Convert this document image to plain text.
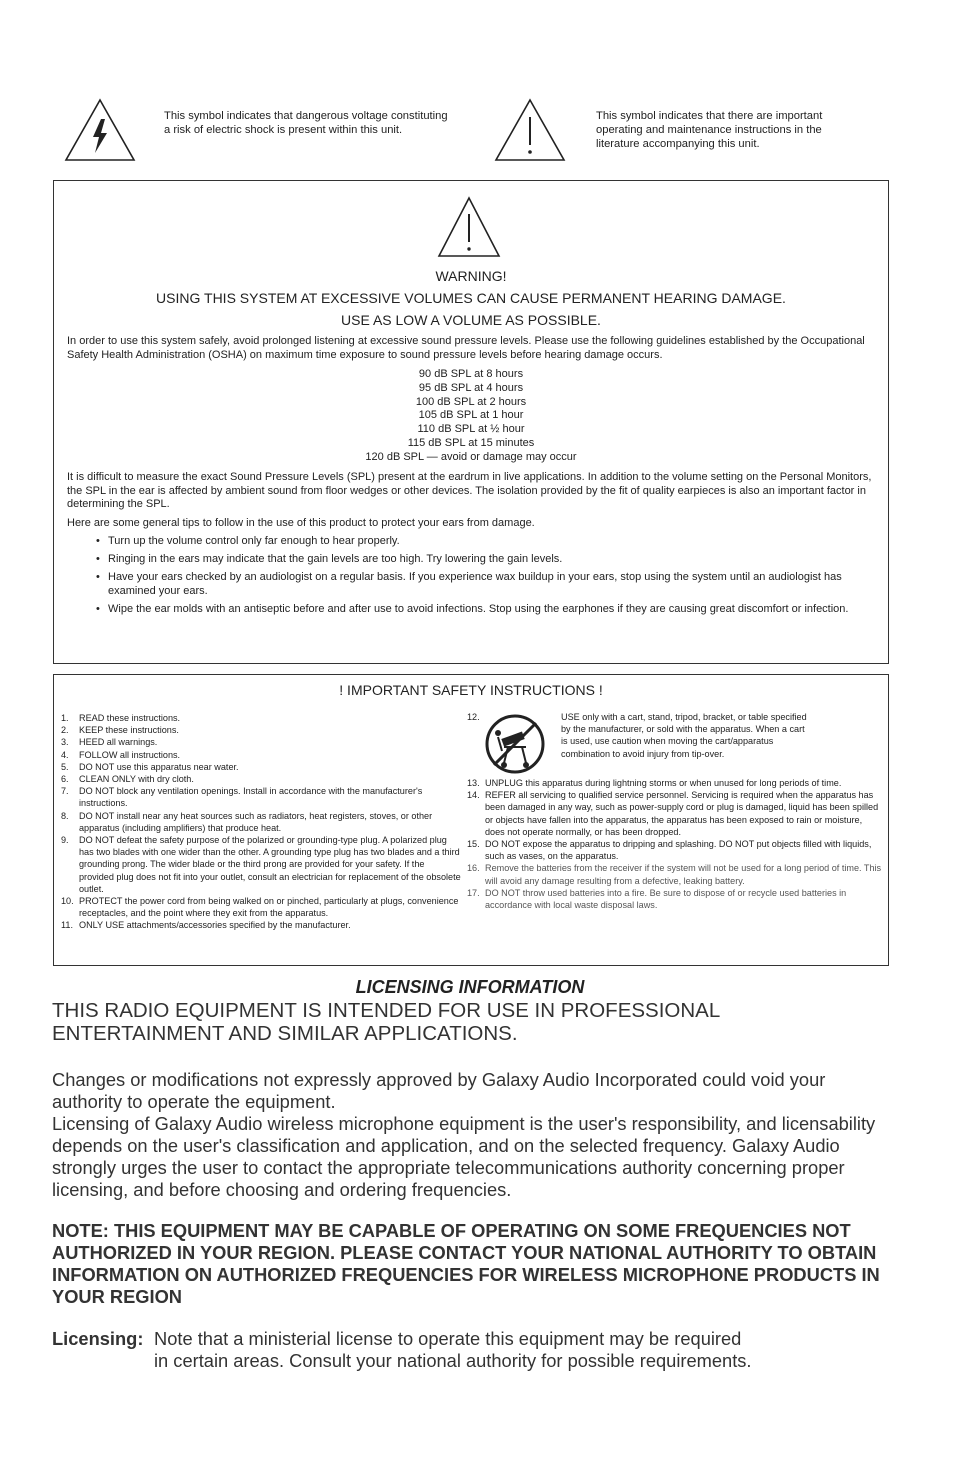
This symbol indicates that dangerous voltage constituting a risk of electric shock is present within this unit.
This symbol indicates that there are important operating and maintenance instructions in the literature accompanying this unit.
WARNING!
USING THIS SYSTEM AT EXCESSIVE VOLUMES CAN CAUSE PERMANENT HEARING DAMAGE.
USE AS LOW A VOLUME AS POSSIBLE.
In order to use this system safely, avoid prolonged listening at excessive sound pressure levels. Please use the following guidelines established by the Occupational Safety Health Administration (OSHA) on maximum time exposure to sound pressure levels before hearing damage occurs.
90 dB SPL at 8 hours
95 dB SPL at 4 hours
100 dB SPL at 2 hours
105 dB SPL at 1 hour
110 dB SPL at ½ hour
115 dB SPL at 15 minutes
120 dB SPL — avoid or damage may occur
It is difficult to measure the exact Sound Pressure Levels (SPL) present at the eardrum in live applications. In addition to the volume setting on the Personal Monitors, the SPL in the ear is affected by ambient sound from floor wedges or other devices. The isolation provided by the fit of quality earpieces is also an important factor in determining the SPL.
Here are some general tips to follow in the use of this product to protect your ears from damage.
• Turn up the volume control only far enough to hear properly.
• Ringing in the ears may indicate that the gain levels are too high. Try lowering the gain levels.
• Have your ears checked by an audiologist on a regular basis. If you experience wax buildup in your ears, stop using the system until an audiologist has examined your ears.
• Wipe the ear molds with an antiseptic before and after use to avoid infections. Stop using the earphones if they are causing great discomfort or infection.
! IMPORTANT SAFETY INSTRUCTIONS !
1. READ these instructions.
2. KEEP these instructions.
3. HEED all warnings.
4. FOLLOW all instructions.
5. DO NOT use this apparatus near water.
6. CLEAN ONLY with dry cloth.
7. DO NOT block any ventilation openings. Install in accordance with the manufacturer's instructions.
8. DO NOT install near any heat sources such as radiators, heat registers, stoves, or other apparatus (including amplifiers) that produce heat.
9. DO NOT defeat the safety purpose of the polarized or grounding-type plug. A polarized plug has two blades with one wider than the other. A grounding type plug has two blades and a third grounding prong. The wider blade or the third prong are provided for your safety. If the provided plug does not fit into your outlet, consult an electrician for replacement of the obsolete outlet.
10. PROTECT the power cord from being walked on or pinched, particularly at plugs, convenience receptacles, and the point where they exit from the apparatus.
11. ONLY USE attachments/accessories specified by the manufacturer.
12.	USE only with a cart, stand, tripod, bracket, or table specified by the manufacturer, or sold with the apparatus. When a cart is used, use caution when moving the cart/apparatus combination to avoid injury from tip-over.
13. UNPLUG this apparatus during lightning storms or when unused for long periods of time.
14. REFER all servicing to qualified service personnel. Servicing is required when the apparatus has been damaged in any way, such as power-supply cord or plug is damaged, liquid has been spilled or objects have fallen into the apparatus, the apparatus has been exposed to rain or moisture, does not operate normally, or has been dropped.
15. DO NOT expose the apparatus to dripping and splashing. DO NOT put objects filled with liquids, such as vases, on the apparatus.
16. Remove the batteries from the receiver if the system will not be used for a long period of time. This will avoid any damage resulting from a defective, leaking battery.
17. DO NOT throw used batteries into a fire. Be sure to dispose of or recycle used batteries in accordance with local waste disposal laws.
LICENSING INFORMATION
THIS RADIO EQUIPMENT IS INTENDED FOR USE IN PROFESSIONAL
ENTERTAINMENT AND SIMILAR APPLICATIONS.
Changes or modifications not expressly approved by Galaxy Audio Incorporated could void your authority to operate the equipment.
Licensing of Galaxy Audio wireless microphone equipment is the user's responsibility, and licensability depends on the user's classification and application, and on the selected frequency. Galaxy Audio strongly urges the user to contact the appropriate telecommunications authority concerning proper licensing, and before choosing and ordering frequencies.
NOTE: THIS EQUIPMENT MAY BE CAPABLE OF OPERATING ON SOME FREQUENCIES NOT AUTHORIZED IN YOUR REGION. PLEASE CONTACT YOUR NATIONAL AUTHORITY TO OBTAIN INFORMATION ON AUTHORIZED FREQUENCIES FOR WIRELESS MICROPHONE PRODUCTS IN YOUR REGION
Licensing: Note that a ministerial license to operate this equipment may be required
in certain areas. Consult your national authority for possible requirements.
